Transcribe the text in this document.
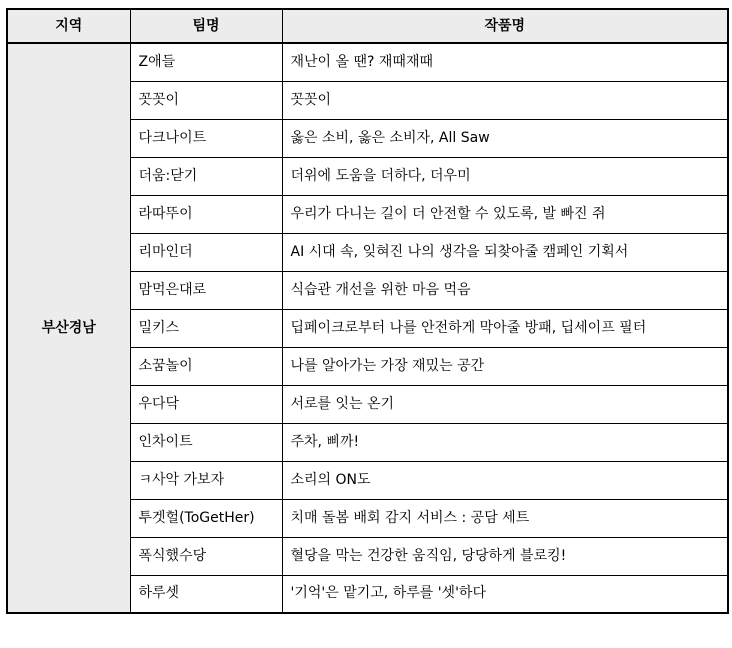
지역	팀명	작품명
부산경남	Z애들	재난이 올 땐? 재때재때
	꼿꼿이	꼿꼿이
	다크나이트	옳은 소비, 옳은 소비자, All Saw
	더움:닫기	더위에 도움을 더하다, 더우미
	라따뚜이	우리가 다니는 길이 더 안전할 수 있도록, 발 빠진 쥐
	리마인더	AI 시대 속, 잊혀진 나의 생각을 되찾아줄 캠페인 기획서
	맘먹은대로	식습관 개선을 위한 마음 먹음
	밀키스	딥페이크로부터 나를 안전하게 막아줄 방패, 딥세이프 필터
	소꿈놀이	나를 알아가는 가장 재밌는 공간
	우다닥	서로를 잇는 온기
	인차이트	주차, 삐까!
	ㅋ사악 가보자	소리의 ON도
	투겟헐(ToGetHer)	치매 돌봄 배회 감지 서비스 : 공담 세트
	폭식했수당	혈당을 막는 건강한 움직임, 당당하게 블로킹!
	하루셋	'기억'은 맡기고, 하루를 '셋'하다
